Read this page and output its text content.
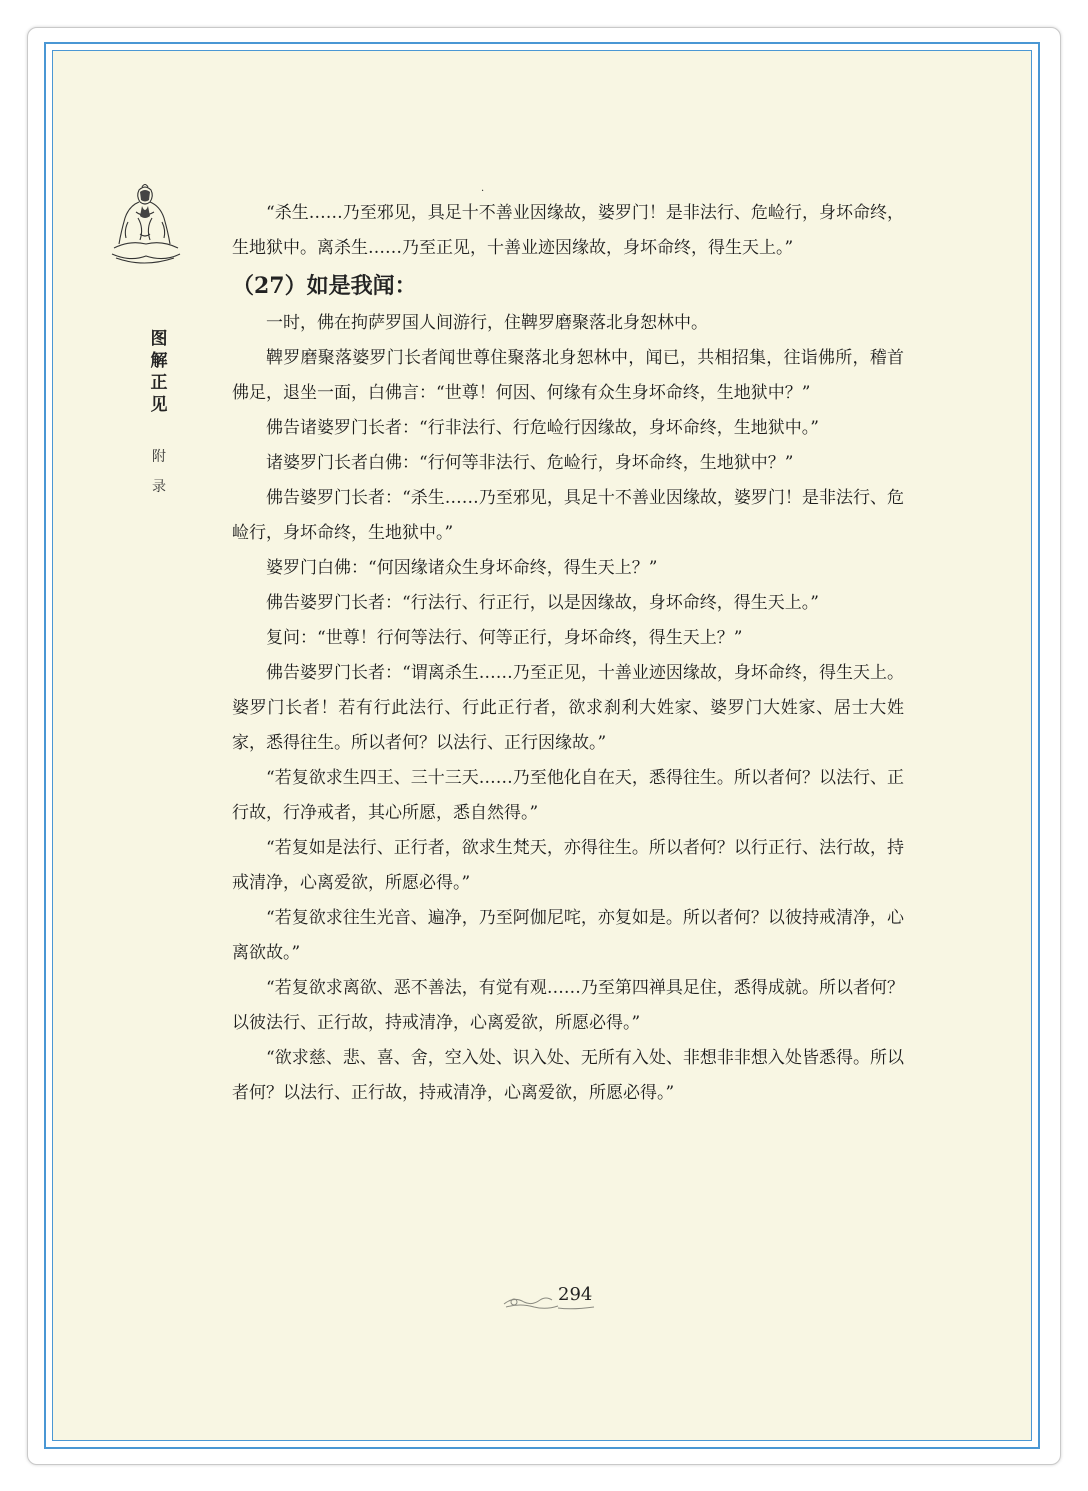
图
解
正
见
附
录
·

“杀生……乃至邪见，具足十不善业因缘故，婆罗门！是非法行、危崄行，身坏命终，生地狱中。离杀生……乃至正见，十善业迹因缘故，身坏命终，得生天上。”

（27）如是我闻：

一时，佛在拘萨罗国人间游行，住鞞罗磨聚落北身恕林中。

鞞罗磨聚落婆罗门长者闻世尊住聚落北身恕林中，闻已，共相招集，往诣佛所，稽首佛足，退坐一面，白佛言：“世尊！何因、何缘有众生身坏命终，生地狱中？”

佛告诸婆罗门长者：“行非法行、行危崄行因缘故，身坏命终，生地狱中。”

诸婆罗门长者白佛：“行何等非法行、危崄行，身坏命终，生地狱中？”

佛告婆罗门长者：“杀生……乃至邪见，具足十不善业因缘故，婆罗门！是非法行、危崄行，身坏命终，生地狱中。”

婆罗门白佛：“何因缘诸众生身坏命终，得生天上？”

佛告婆罗门长者：“行法行、行正行，以是因缘故，身坏命终，得生天上。”

复问：“世尊！行何等法行、何等正行，身坏命终，得生天上？”

佛告婆罗门长者：“谓离杀生……乃至正见，十善业迹因缘故，身坏命终，得生天上。婆罗门长者！若有行此法行、行此正行者，欲求刹利大姓家、婆罗门大姓家、居士大姓家，悉得往生。所以者何？以法行、正行因缘故。”

“若复欲求生四王、三十三天……乃至他化自在天，悉得往生。所以者何？以法行、正行故，行净戒者，其心所愿，悉自然得。”

“若复如是法行、正行者，欲求生梵天，亦得往生。所以者何？以行正行、法行故，持戒清净，心离爱欲，所愿必得。”

“若复欲求往生光音、遍净，乃至阿伽尼咤，亦复如是。所以者何？以彼持戒清净，心离欲故。”

“若复欲求离欲、恶不善法，有觉有观……乃至第四禅具足住，悉得成就。所以者何？以彼法行、正行故，持戒清净，心离爱欲，所愿必得。”

“欲求慈、悲、喜、舍，空入处、识入处、无所有入处、非想非非想入处皆悉得。所以者何？以法行、正行故，持戒清净，心离爱欲，所愿必得。”

294
